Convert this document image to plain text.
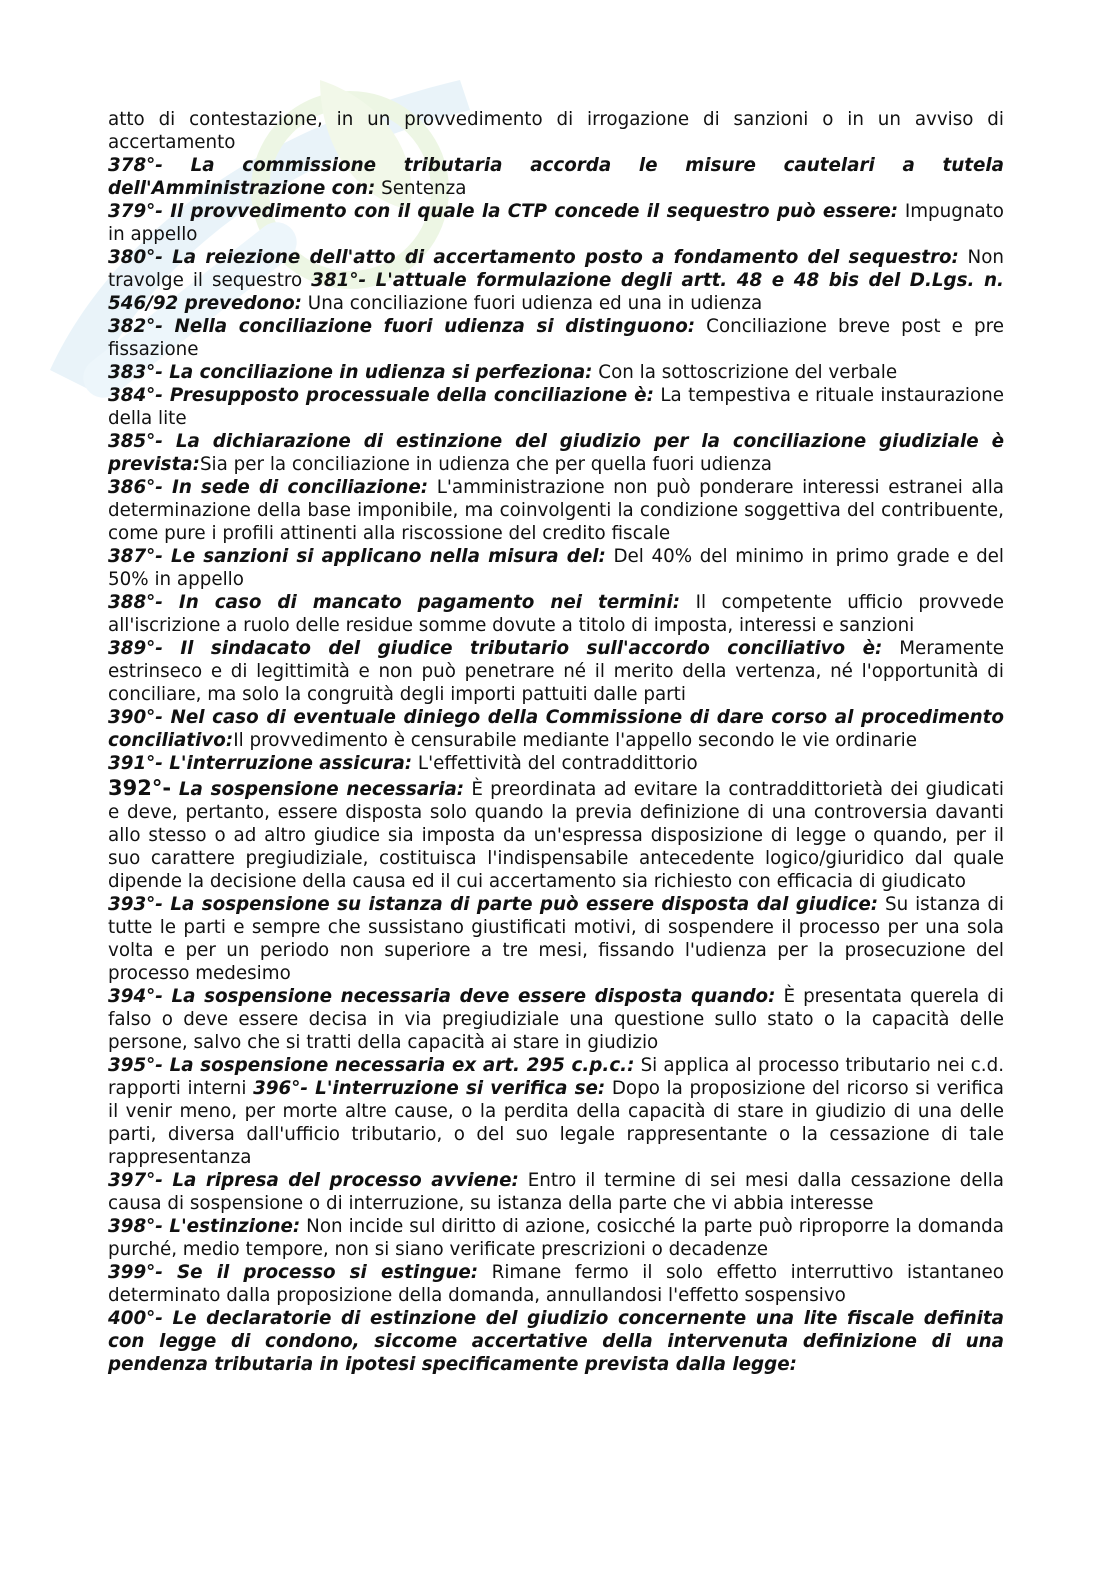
atto di contestazione, in un provvedimento di irrogazione di sanzioni o in un avviso di accertamento

378°- La commissione tributaria accorda le misure cautelari a tutela dell'Amministrazione con: Sentenza

379°- Il provvedimento con il quale la CTP concede il sequestro può essere: Impugnato in appello

380°- La reiezione dell'atto di accertamento posto a fondamento del sequestro: Non travolge il sequestro 381°- L'attuale formulazione degli artt. 48 e 48 bis del D.Lgs. n. 546/92 prevedono: Una conciliazione fuori udienza ed una in udienza

382°- Nella conciliazione fuori udienza si distinguono: Conciliazione breve post e pre fissazione

383°- La conciliazione in udienza si perfeziona: Con la sottoscrizione del verbale

384°- Presupposto processuale della conciliazione è: La tempestiva e rituale instaurazione della lite

385°- La dichiarazione di estinzione del giudizio per la conciliazione giudiziale è prevista:Sia per la conciliazione in udienza che per quella fuori udienza

386°- In sede di conciliazione: L'amministrazione non può ponderare interessi estranei alla determinazione della base imponibile, ma coinvolgenti la condizione soggettiva del contribuente, come pure i profili attinenti alla riscossione del credito fiscale

387°- Le sanzioni si applicano nella misura del: Del 40% del minimo in primo grade e del 50% in appello

388°- In caso di mancato pagamento nei termini: Il competente ufficio provvede all'iscrizione a ruolo delle residue somme dovute a titolo di imposta, interessi e sanzioni

389°- Il sindacato del giudice tributario sull'accordo conciliativo è: Meramente estrinseco e di legittimità e non può penetrare né il merito della vertenza, né l'opportunità di conciliare, ma solo la congruità degli importi pattuiti dalle parti

390°- Nel caso di eventuale diniego della Commissione di dare corso al procedimento conciliativo:Il provvedimento è censurabile mediante l'appello secondo le vie ordinarie

391°- L'interruzione assicura: L'effettività del contraddittorio

392°- La sospensione necessaria: È preordinata ad evitare la contraddittorietà dei giudicati e deve, pertanto, essere disposta solo quando la previa definizione di una controversia davanti allo stesso o ad altro giudice sia imposta da un'espressa disposizione di legge o quando, per il suo carattere pregiudiziale, costituisca l'indispensabile antecedente logico/giuridico dal quale dipende la decisione della causa ed il cui accertamento sia richiesto con efficacia di giudicato

393°- La sospensione su istanza di parte può essere disposta dal giudice: Su istanza di tutte le parti e sempre che sussistano giustificati motivi, di sospendere il processo per una sola volta e per un periodo non superiore a tre mesi, fissando l'udienza per la prosecuzione del processo medesimo

394°- La sospensione necessaria deve essere disposta quando: È presentata querela di falso o deve essere decisa in via pregiudiziale una questione sullo stato o la capacità delle persone, salvo che si tratti della capacità ai stare in giudizio

395°- La sospensione necessaria ex art. 295 c.p.c.: Si applica al processo tributario nei c.d. rapporti interni 396°- L'interruzione si verifica se: Dopo la proposizione del ricorso si verifica il venir meno, per morte altre cause, o la perdita della capacità di stare in giudizio di una delle parti, diversa dall'ufficio tributario, o del suo legale rappresentante o la cessazione di tale rappresentanza

397°- La ripresa del processo avviene: Entro il termine di sei mesi dalla cessazione della causa di sospensione o di interruzione, su istanza della parte che vi abbia interesse

398°- L'estinzione: Non incide sul diritto di azione, cosicché la parte può riproporre la domanda purché, medio tempore, non si siano verificate prescrizioni o decadenze

399°- Se il processo si estingue: Rimane fermo il solo effetto interruttivo istantaneo determinato dalla proposizione della domanda, annullandosi l'effetto sospensivo

400°- Le declaratorie di estinzione del giudizio concernente una lite fiscale definita con legge di condono, siccome accertative della intervenuta definizione di una pendenza tributaria in ipotesi specificamente prevista dalla legge:
